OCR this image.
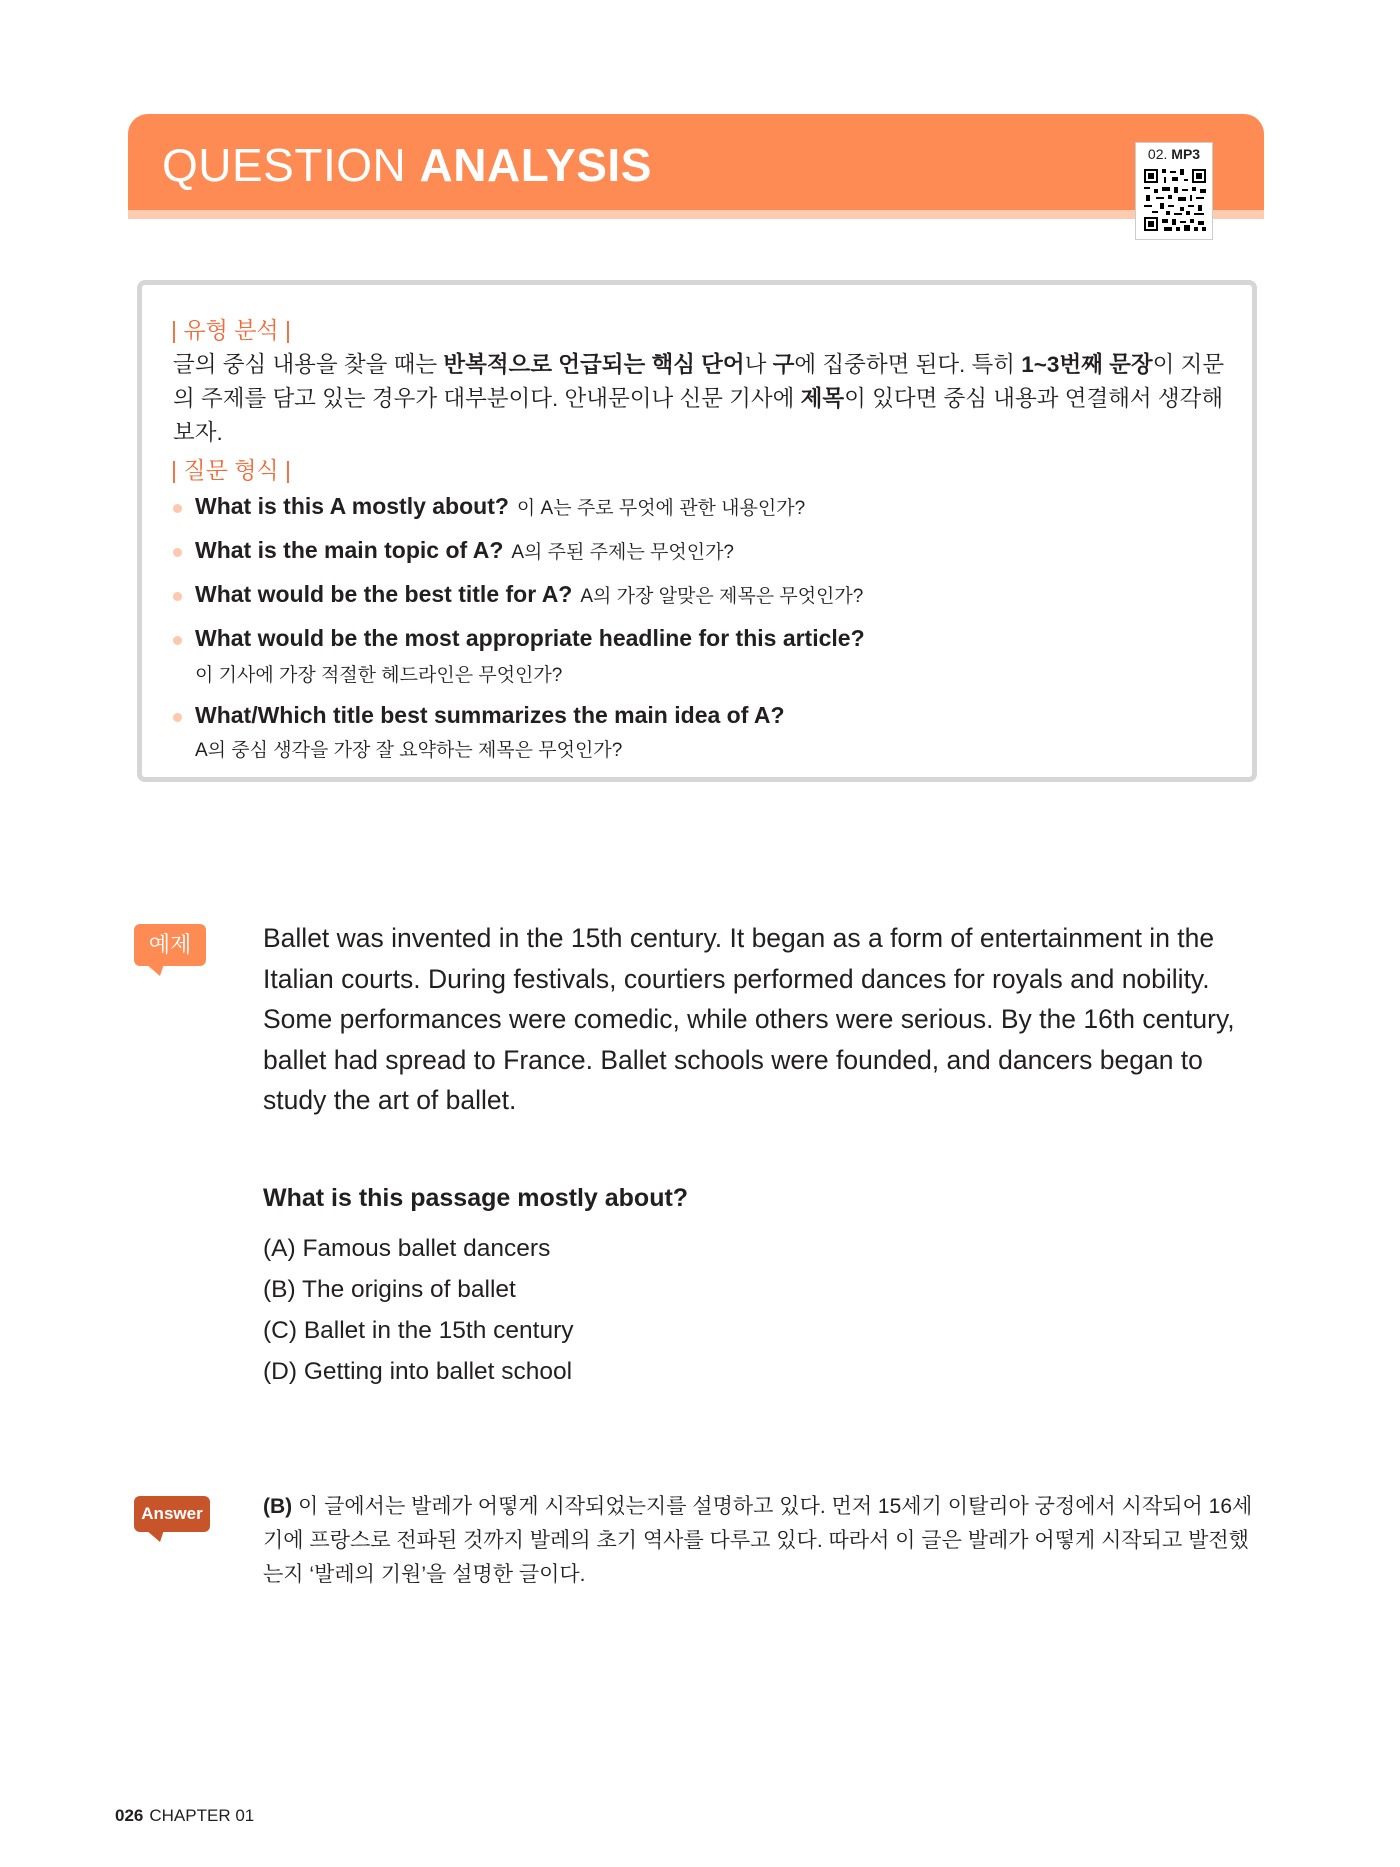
QUESTION ANALYSIS	02. MP3
| 유형 분석 |
글의 중심 내용을 찾을 때는 반복적으로 언급되는 핵심 단어나 구에 집중하면 된다. 특히 1~3번째 문장이 지문의 주제를 담고 있는 경우가 대부분이다. 안내문이나 신문 기사에 제목이 있다면 중심 내용과 연결해서 생각해 보자.
| 질문 형식 |
What is this A mostly about? 이 A는 주로 무엇에 관한 내용인가?
What is the main topic of A? A의 주된 주제는 무엇인가?
What would be the best title for A? A의 가장 알맞은 제목은 무엇인가?
What would be the most appropriate headline for this article?
이 기사에 가장 적절한 헤드라인은 무엇인가?
What/Which title best summarizes the main idea of A?
A의 중심 생각을 가장 잘 요약하는 제목은 무엇인가?
예제	Ballet was invented in the 15th century. It began as a form of entertainment in the Italian courts. During festivals, courtiers performed dances for royals and nobility. Some performances were comedic, while others were serious. By the 16th century, ballet had spread to France. Ballet schools were founded, and dancers began to study the art of ballet.
What is this passage mostly about?
(A) Famous ballet dancers
(B) The origins of ballet
(C) Ballet in the 15th century
(D) Getting into ballet school
Answer	(B) 이 글에서는 발레가 어떻게 시작되었는지를 설명하고 있다. 먼저 15세기 이탈리아 궁정에서 시작되어 16세기에 프랑스로 전파된 것까지 발레의 초기 역사를 다루고 있다. 따라서 이 글은 발레가 어떻게 시작되고 발전했는지 ‘발레의 기원’을 설명한 글이다.
026 CHAPTER 01
